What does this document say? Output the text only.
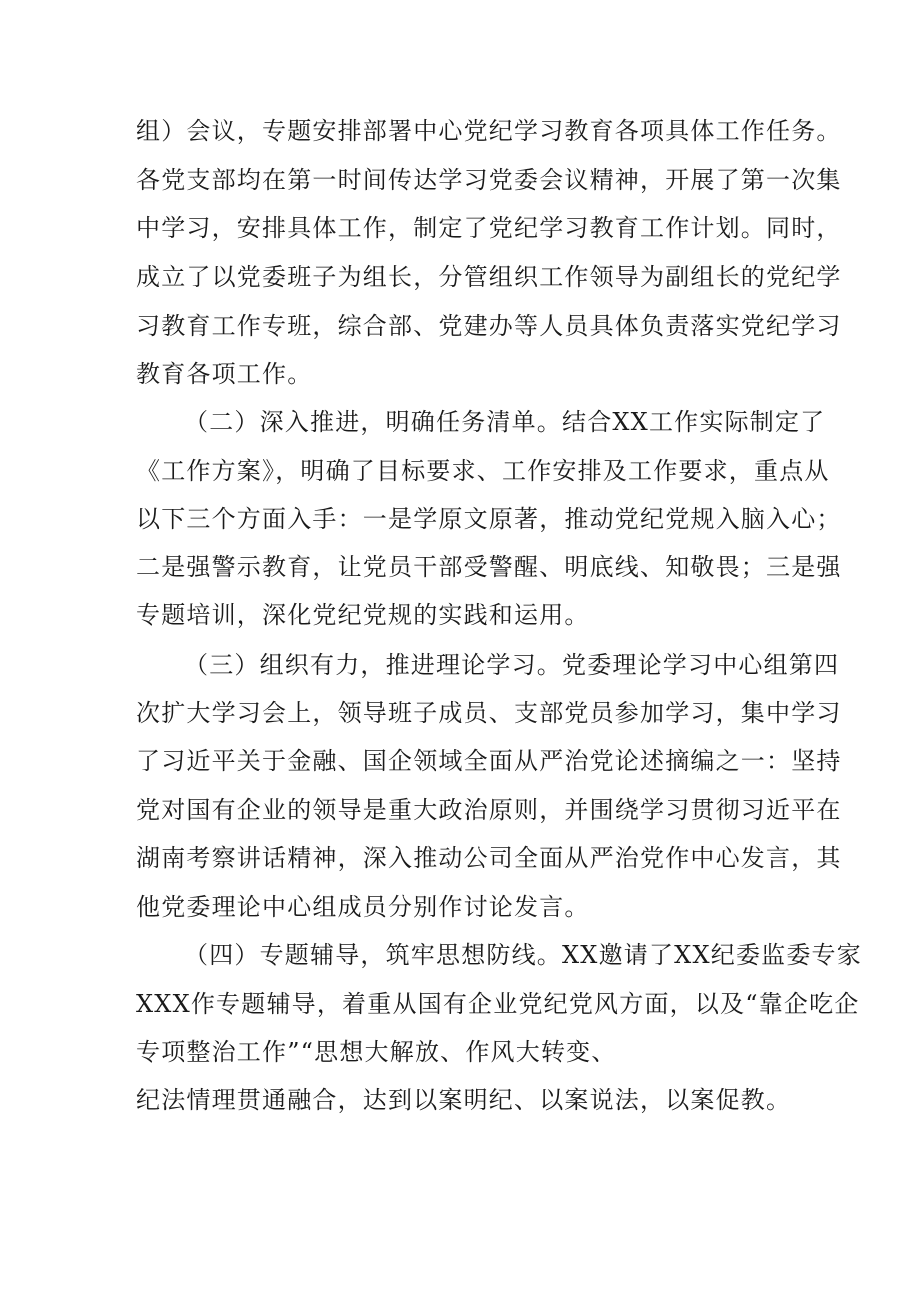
组）会议，专题安排部署中心党纪学习教育各项具体工作任务。
各党支部均在第一时间传达学习党委会议精神，开展了第一次集
中学习，安排具体工作，制定了党纪学习教育工作计划。同时，
成立了以党委班子为组长，分管组织工作领导为副组长的党纪学
习教育工作专班，综合部、党建办等人员具体负责落实党纪学习
教育各项工作。
（二）深入推进，明确任务清单。结合XX工作实际制定了
《工作方案》，明确了目标要求、工作安排及工作要求，重点从
以下三个方面入手：一是学原文原著，推动党纪党规入脑入心；
二是强警示教育，让党员干部受警醒、明底线、知敬畏；三是强
专题培训，深化党纪党规的实践和运用。
（三）组织有力，推进理论学习。党委理论学习中心组第四
次扩大学习会上，领导班子成员、支部党员参加学习，集中学习
了习近平关于金融、国企领域全面从严治党论述摘编之一：坚持
党对国有企业的领导是重大政治原则，并围绕学习贯彻习近平在
湖南考察讲话精神，深入推动公司全面从严治党作中心发言，其
他党委理论中心组成员分别作讨论发言。
（四）专题辅导，筑牢思想防线。XX邀请了XX纪委监委专家
XXX作专题辅导，着重从国有企业党纪党风方面，以及“靠企吃企
专项整治工作”“思想大解放、作风大转变、
纪法情理贯通融合，达到以案明纪、以案说法，以案促教。
